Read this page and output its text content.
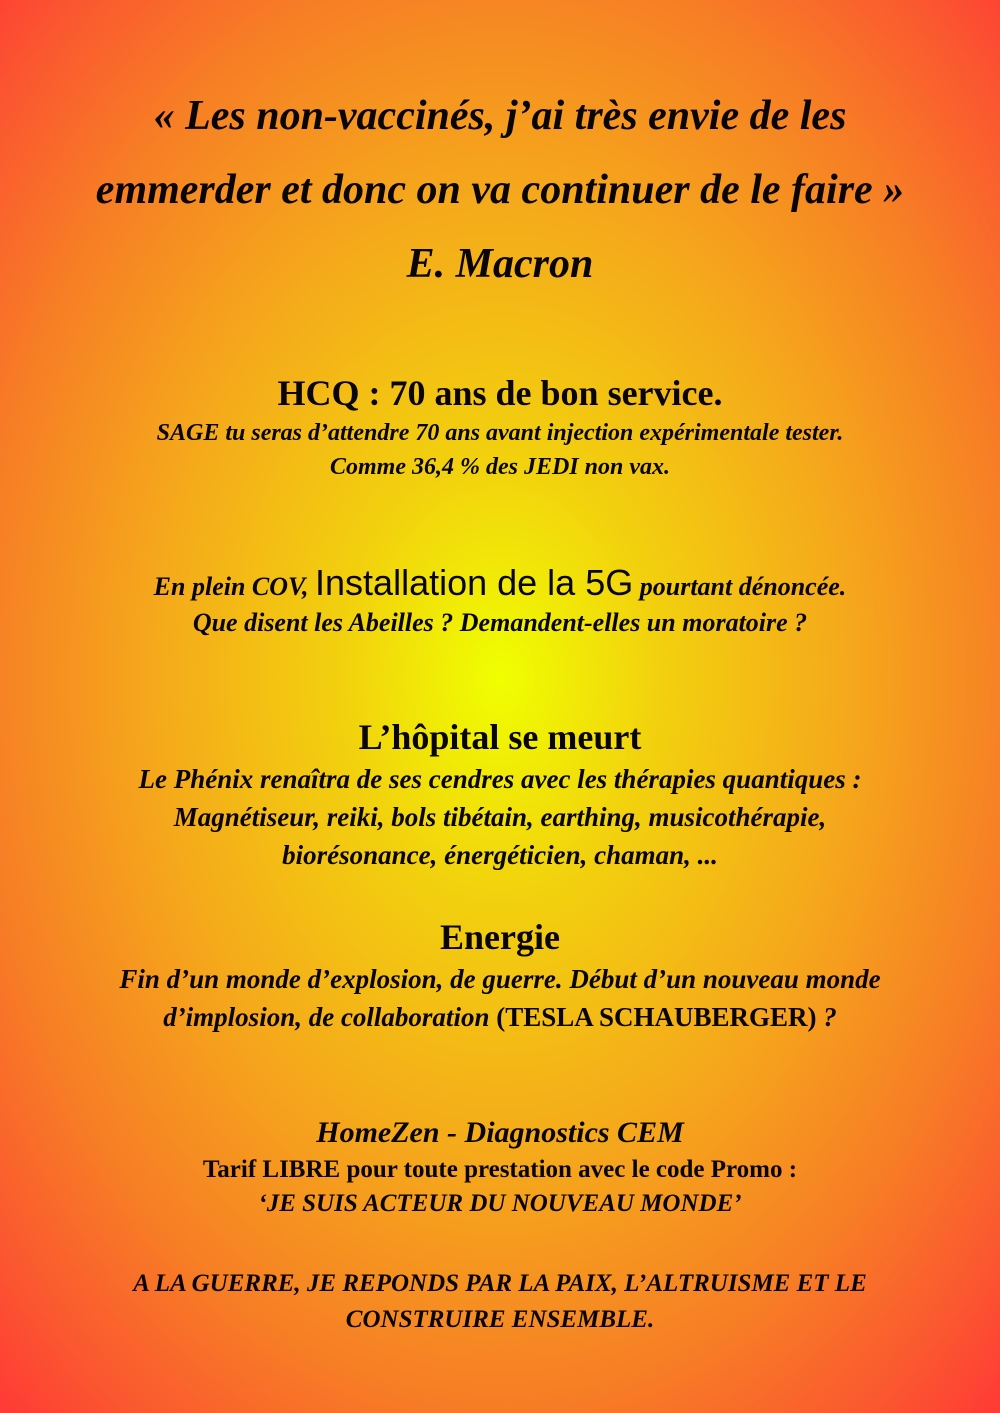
« Les non-vaccinés, j’ai très envie de les

emmerder et donc on va continuer de le faire »

E. Macron

HCQ : 70 ans de bon service.

SAGE tu seras d’attendre 70 ans avant injection expérimentale tester.

Comme 36,4 % des JEDI non vax.

En plein COV, Installation de la 5G pourtant dénoncée.

Que disent les Abeilles ? Demandent-elles un moratoire ?

L’hôpital se meurt

Le Phénix renaîtra de ses cendres avec les thérapies quantiques :

Magnétiseur, reiki, bols tibétain, earthing, musicothérapie,

biorésonance, énergéticien, chaman, ...

Energie

Fin d’un monde d’explosion, de guerre. Début d’un nouveau monde

d’implosion, de collaboration (TESLA SCHAUBERGER) ?

HomeZen - Diagnostics CEM

Tarif LIBRE pour toute prestation avec le code Promo :

‘JE SUIS ACTEUR DU NOUVEAU MONDE’

A LA GUERRE, JE REPONDS PAR LA PAIX, L’ALTRUISME ET LE

CONSTRUIRE ENSEMBLE.
